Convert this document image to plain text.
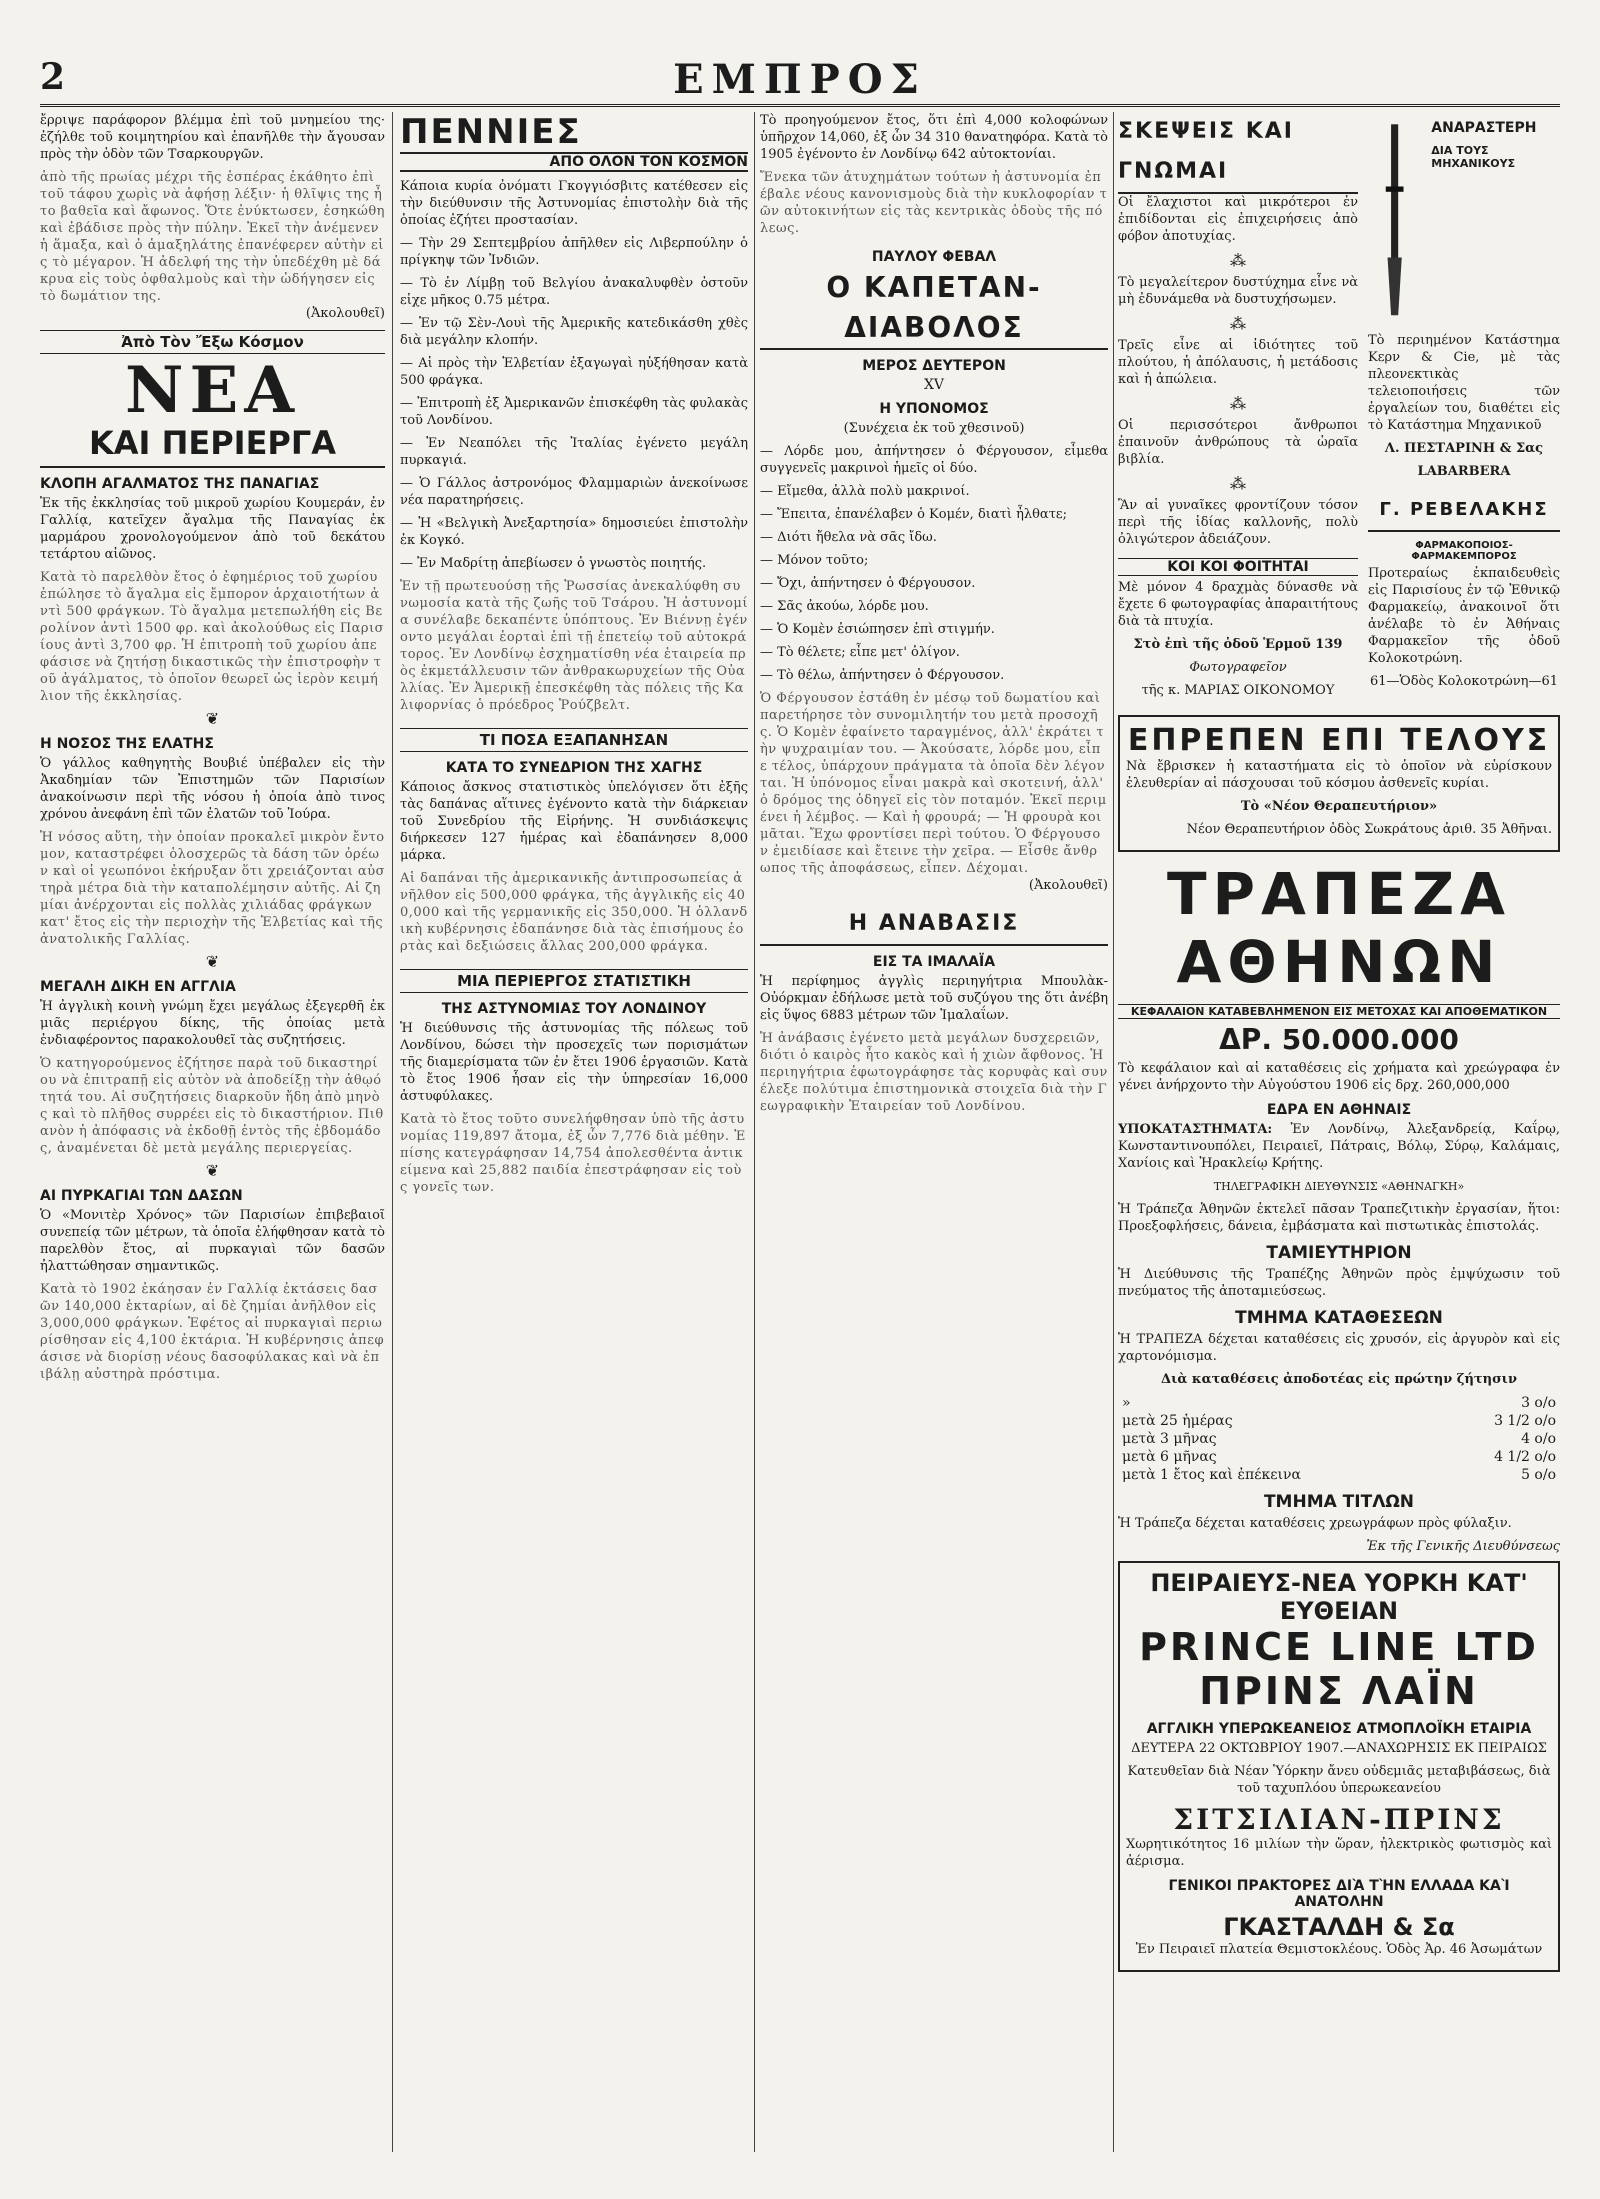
2	ΕΜΠΡΟΣ

ἔρριψε παράφορον βλέμμα ἐπὶ τοῦ μνημείου της· ἐζήλθε τοῦ κοιμητηρίου καὶ ἐπανῆλθε τὴν ἄγουσαν πρὸς τὴν ὁδὸν τῶν Τσαρκουργῶν.

ἀπὸ τῆς πρωίας μέχρι τῆς ἑσπέρας ἐκάθητο ἐπὶ τοῦ τάφου χωρὶς νὰ ἀφήσῃ λέξιν· ἡ θλῖψις της ἦτο βαθεῖα καὶ ἄφωνος. Ὅτε ἐνύκτωσεν, ἐσηκώθη καὶ ἐβάδισε πρὸς τὴν πύλην. Ἐκεῖ τὴν ἀνέμενεν ἡ ἅμαξα, καὶ ὁ ἁμαξηλάτης ἐπανέφερεν αὐτὴν εἰς τὸ μέγαρον. Ἡ ἀδελφή της τὴν ὑπεδέχθη μὲ δάκρυα εἰς τοὺς ὀφθαλμοὺς καὶ τὴν ὡδήγησεν εἰς τὸ δωμάτιον της.

(Ἀκολουθεῖ)

Ἀπὸ Τὸν Ἔξω Κόσμον
ΝΕΑ
ΚΑΙ ΠΕΡΙΕΡΓΑ
ΚΛΟΠΗ ΑΓΑΛΜΑΤΟΣ ΤΗΣ ΠΑΝΑΓΙΑΣ

Ἐκ τῆς ἐκκλησίας τοῦ μικροῦ χωρίου Κουμεράν, ἐν Γαλλίᾳ, κατεῖχεν ἄγαλμα τῆς Παναγίας ἐκ μαρμάρου χρονολογούμενον ἀπὸ τοῦ δεκάτου τετάρτου αἰῶνος.

Κατὰ τὸ παρελθὸν ἔτος ὁ ἐφημέριος τοῦ χωρίου ἐπώλησε τὸ ἄγαλμα εἰς ἔμπορον ἀρχαιοτήτων ἀντὶ 500 φράγκων. Τὸ ἄγαλμα μετεπωλήθη εἰς Βερολίνον ἀντὶ 1500 φρ. καὶ ἀκολούθως εἰς Παρισίους ἀντὶ 3,700 φρ. Ἡ ἐπιτροπὴ τοῦ χωρίου ἀπεφάσισε νὰ ζητήσῃ δικαστικῶς τὴν ἐπιστροφὴν τοῦ ἀγάλματος, τὸ ὁποῖον θεωρεῖ ὡς ἱερὸν κειμήλιον τῆς ἐκκλησίας.
❦
Η ΝΟΣΟΣ ΤΗΣ ΕΛΑΤΗΣ

Ὁ γάλλος καθηγητὴς Βουβιέ ὑπέβαλεν εἰς τὴν Ἀκαδημίαν τῶν Ἐπιστημῶν τῶν Παρισίων ἀνακοίνωσιν περὶ τῆς νόσου ἡ ὁποία ἀπὸ τινος χρόνου ἀνεφάνη ἐπὶ τῶν ἐλατῶν τοῦ Ἰούρα.

Ἡ νόσος αὕτη, τὴν ὁποίαν προκαλεῖ μικρὸν ἔντομον, καταστρέφει ὁλοσχερῶς τὰ δάση τῶν ὀρέων καὶ οἱ γεωπόνοι ἐκήρυξαν ὅτι χρειάζονται αὐστηρὰ μέτρα διὰ τὴν καταπολέμησιν αὐτῆς. Αἱ ζημίαι ἀνέρχονται εἰς πολλὰς χιλιάδας φράγκων κατ' ἔτος εἰς τὴν περιοχὴν τῆς Ἑλβετίας καὶ τῆς ἀνατολικῆς Γαλλίας.
❦
ΜΕΓΑΛΗ ΔΙΚΗ ΕΝ ΑΓΓΛΙΑ

Ἡ ἀγγλικὴ κοινὴ γνώμη ἔχει μεγάλως ἐξεγερθῆ ἐκ μιᾶς περιέργου δίκης, τῆς ὁποίας μετὰ ἐνδιαφέροντος παρακολουθεῖ τὰς συζητήσεις.

Ὁ κατηγορούμενος ἐζήτησε παρὰ τοῦ δικαστηρίου νὰ ἐπιτραπῇ εἰς αὐτὸν νὰ ἀποδείξῃ τὴν ἀθῳότητά του. Αἱ συζητήσεις διαρκοῦν ἤδη ἀπὸ μηνὸς καὶ τὸ πλῆθος συρρέει εἰς τὸ δικαστήριον. Πιθανὸν ἡ ἀπόφασις νὰ ἐκδοθῇ ἐντὸς τῆς ἑβδομάδος, ἀναμένεται δὲ μετὰ μεγάλης περιεργείας.
❦
ΑΙ ΠΥΡΚΑΓΙΑΙ ΤΩΝ ΔΑΣΩΝ

Ὁ «Μονιτὲρ Χρόνος» τῶν Παρισίων ἐπιβεβαιοῖ συνεπείᾳ τῶν μέτρων, τὰ ὁποῖα ἐλήφθησαν κατὰ τὸ παρελθὸν ἔτος, αἱ πυρκαγιαὶ τῶν δασῶν ἠλαττώθησαν σημαντικῶς.

Κατὰ τὸ 1902 ἐκάησαν ἐν Γαλλίᾳ ἐκτάσεις δασῶν 140,000 ἑκταρίων, αἱ δὲ ζημίαι ἀνῆλθον εἰς 3,000,000 φράγκων. Ἐφέτος αἱ πυρκαγιαὶ περιωρίσθησαν εἰς 4,100 ἑκτάρια. Ἡ κυβέρνησις ἀπεφάσισε νὰ διορίσῃ νέους δασοφύλακας καὶ νὰ ἐπιβάλῃ αὐστηρὰ πρόστιμα.
ΠΕΝΝΙΕΣ
ΑΠΟ ΟΛΟΝ ΤΟΝ ΚΟΣΜΟΝ

Κάποια κυρία ὀνόματι Γκογγιόσβιτς κατέθεσεν εἰς τὴν διεύθυνσιν τῆς Ἀστυνομίας ἐπιστολὴν διὰ τῆς ὁποίας ἐζήτει προστασίαν.

— Τὴν 29 Σεπτεμβρίου ἀπῆλθεν εἰς Λιβερπούλην ὁ πρίγκηψ τῶν Ἰνδιῶν.

— Τὸ ἐν Λίμβῃ τοῦ Βελγίου ἀνακαλυφθὲν ὀστοῦν εἰχε μῆκος 0.75 μέτρα.

— Ἐν τῷ Σὲν-Λουὶ τῆς Ἀμερικῆς κατεδικάσθη χθὲς διὰ μεγάλην κλοπήν.

— Αἱ πρὸς τὴν Ἑλβετίαν ἐξαγωγαὶ ηὐξήθησαν κατὰ 500 φράγκα.

— Ἐπιτροπὴ ἐξ Ἀμερικανῶν ἐπισκέφθη τὰς φυλακὰς τοῦ Λονδίνου.

— Ἐν Νεαπόλει τῆς Ἰταλίας ἐγένετο μεγάλη πυρκαγιά.

— Ὁ Γάλλος ἀστρονόμος Φλαμμαριὼν ἀνεκοίνωσε νέα παρατηρήσεις.

— Ἡ «Βελγικὴ Ἀνεξαρτησία» δημοσιεύει ἐπιστολὴν ἐκ Κογκό.

— Ἐν Μαδρίτῃ ἀπεβίωσεν ὁ γνωστὸς ποιητής.

Ἐν τῇ πρωτευούσῃ τῆς Ῥωσσίας ἀνεκαλύφθη συνωμοσία κατὰ τῆς ζωῆς τοῦ Τσάρου. Ἡ ἀστυνομία συνέλαβε δεκαπέντε ὑπόπτους. Ἐν Βιέννῃ ἐγένοντο μεγάλαι ἑορταὶ ἐπὶ τῇ ἐπετείῳ τοῦ αὐτοκράτορος. Ἐν Λονδίνῳ ἐσχηματίσθη νέα ἑταιρεία πρὸς ἐκμετάλλευσιν τῶν ἀνθρακωρυχείων τῆς Οὐαλλίας. Ἐν Ἀμερικῇ ἐπεσκέφθη τὰς πόλεις τῆς Καλιφορνίας ὁ πρόεδρος Ῥούζβελτ.
ΤΙ ΠΟΣΑ ΕΞΑΠΑΝΗΣΑΝ
ΚΑΤΑ ΤΟ ΣΥΝΕΔΡΙΟΝ ΤΗΣ ΧΑΓΗΣ

Κάποιος ἄσκνος στατιστικὸς ὑπελόγισεν ὅτι ἐξῆς τὰς δαπάνας αἵτινες ἐγένοντο κατὰ τὴν διάρκειαν τοῦ Συνεδρίου τῆς Εἰρήνης. Ἡ συνδιάσκεψις διήρκεσεν 127 ἡμέρας καὶ ἐδαπάνησεν 8,000 μάρκα.

Αἱ δαπάναι τῆς ἀμερικανικῆς ἀντιπροσωπείας ἀνῆλθον εἰς 500,000 φράγκα, τῆς ἀγγλικῆς εἰς 400,000 καὶ τῆς γερμανικῆς εἰς 350,000. Ἡ ὁλλανδικὴ κυβέρνησις ἐδαπάνησε διὰ τὰς ἐπισήμους ἑορτὰς καὶ δεξιώσεις ἄλλας 200,000 φράγκα.
ΜΙΑ ΠΕΡΙΕΡΓΟΣ ΣΤΑΤΙΣΤΙΚΗ
ΤΗΣ ΑΣΤΥΝΟΜΙΑΣ ΤΟΥ ΛΟΝΔΙΝΟΥ

Ἡ διεύθυνσις τῆς ἀστυνομίας τῆς πόλεως τοῦ Λονδίνου, δώσει τὴν προσεχεῖς των πορισμάτων τῆς διαμερίσματα τῶν ἐν ἔτει 1906 ἐργασιῶν. Κατὰ τὸ ἔτος 1906 ἧσαν εἰς τὴν ὑπηρεσίαν 16,000 ἀστυφύλακες.

Κατὰ τὸ ἔτος τοῦτο συνελήφθησαν ὑπὸ τῆς ἀστυνομίας 119,897 ἄτομα, ἐξ ὧν 7,776 διὰ μέθην. Ἐπίσης κατεγράφησαν 14,754 ἀπολεσθέντα ἀντικείμενα καὶ 25,882 παιδία ἐπεστράφησαν εἰς τοὺς γονεῖς των.

Τὸ προηγούμενον ἔτος, ὅτι ἐπὶ 4,000 κολοφώνων ὑπῆρχον 14,060, ἐξ ὧν 34 310 θανατηφόρα. Κατὰ τὸ 1905 ἐγένοντο ἐν Λονδίνῳ 642 αὐτοκτονίαι.

Ἔνεκα τῶν ἀτυχημάτων τούτων ἡ ἀστυνομία ἐπέβαλε νέους κανονισμοὺς διὰ τὴν κυκλοφορίαν τῶν αὐτοκινήτων εἰς τὰς κεντρικὰς ὁδοὺς τῆς πόλεως.
ΠΑΥΛΟΥ ΦΕΒΑΛ
Ο ΚΑΠΕΤΑΝ-ΔΙΑΒΟΛΟΣ
ΜΕΡΟΣ ΔΕΥΤΕΡΟΝ
XV
Η ΥΠΟΝΟΜΟΣ

(Συνέχεια ἐκ τοῦ χθεσινοῦ)

— Λόρδε μου, ἀπήντησεν ὁ Φέργουσον, εἶμεθα συγγενεῖς μακρινοὶ ἡμεῖς οἱ δύο.

— Εἴμεθα, ἀλλὰ πολὺ μακρινοί.

— Ἔπειτα, ἐπανέλαβεν ὁ Κομέν, διατὶ ἦλθατε;

— Διότι ἤθελα νὰ σᾶς ἴδω.

— Μόνον τοῦτο;

— Ὄχι, ἀπήντησεν ὁ Φέργουσον.

— Σᾶς ἀκούω, λόρδε μου.

— Ὁ Κομὲν ἐσιώπησεν ἐπὶ στιγμήν.

— Τὸ θέλετε; εἶπε μετ' ὀλίγον.

— Τὸ θέλω, ἀπήντησεν ὁ Φέργουσον.

Ὁ Φέργουσον ἐστάθη ἐν μέσῳ τοῦ δωματίου καὶ παρετήρησε τὸν συνομιλητήν του μετὰ προσοχῆς. Ὁ Κομὲν ἐφαίνετο ταραγμένος, ἀλλ' ἐκράτει τὴν ψυχραιμίαν του. — Ἀκούσατε, λόρδε μου, εἶπε τέλος, ὑπάρχουν πράγματα τὰ ὁποῖα δὲν λέγονται. Ἡ ὑπόνομος εἶναι μακρὰ καὶ σκοτεινή, ἀλλ' ὁ δρόμος της ὁδηγεῖ εἰς τὸν ποταμόν. Ἐκεῖ περιμένει ἡ λέμβος. — Καὶ ἡ φρουρά; — Ἡ φρουρὰ κοιμᾶται. Ἔχω φροντίσει περὶ τούτου. Ὁ Φέργουσον ἐμειδίασε καὶ ἔτεινε τὴν χεῖρα. — Εἶσθε ἄνθρωπος τῆς ἀποφάσεως, εἶπεν. Δέχομαι.

(Ἀκολουθεῖ)

Η ΑΝΑΒΑΣΙΣ
ΕΙΣ ΤΑ ΙΜΑΛΑΪΑ

Ἡ περίφημος ἀγγλὶς περιηγήτρια Μπουλὰκ-Οὐόρκμαν ἐδήλωσε μετὰ τοῦ συζύγου της ὅτι ἀνέβη εἰς ὕψος 6883 μέτρων τῶν Ἱμαλαΐων.

Ἡ ἀνάβασις ἐγένετο μετὰ μεγάλων δυσχερειῶν, διότι ὁ καιρὸς ἦτο κακὸς καὶ ἡ χιὼν ἄφθονος. Ἡ περιηγήτρια ἐφωτογράφησε τὰς κορυφὰς καὶ συνέλεξε πολύτιμα ἐπιστημονικὰ στοιχεῖα διὰ τὴν Γεωγραφικὴν Ἑταιρείαν τοῦ Λονδίνου.
ΣΚΕΨΕΙΣ ΚΑΙ ΓΝΩΜΑΙ

Οἱ ἔλαχιστοι καὶ μικρότεροι ἐν ἐπιδίδονται εἰς ἐπιχειρήσεις ἀπὸ φόβον ἀποτυχίας.

⁂

Τὸ μεγαλείτερον δυστύχημα εἶνε νὰ μὴ ἐδυνάμεθα νὰ δυστυχήσωμεν.

⁂

Τρεῖς εἶνε αἱ ἰδιότητες τοῦ πλούτου, ἡ ἀπόλαυσις, ἡ μετάδοσις καὶ ἡ ἀπώλεια.

⁂

Οἱ περισσότεροι ἄνθρωποι ἐπαινοῦν ἀνθρώπους τὰ ὡραῖα βιβλία.

⁂

Ἂν αἱ γυναῖκες φροντίζουν τόσον περὶ τῆς ἰδίας καλλονῆς, πολὺ ὀλιγώτερον ἀδειάζουν.

ΚΟΙ ΚΟΙ ΦΟΙΤΗΤΑΙ

Μὲ μόνον 4 δραχμὰς δύνασθε νὰ ἔχετε 6 φωτογραφίας ἀπαραιτήτους διὰ τὰ πτυχία.

Στὸ ἐπὶ τῆς ὁδοῦ Ἑρμοῦ 139

Φωτογραφεῖον

τῆς κ. ΜΑΡΙΑΣ ΟΙΚΟΝΟΜΟΥ

ΑΝΑΡΑΣΤΕΡΗ
ΔΙΑ ΤΟΥΣ ΜΗΧΑΝΙΚΟΥΣ

Τὸ περιημένον Κατάστημα Κερν & Cie, μὲ τὰς πλεονεκτικὰς τελειοποιήσεις τῶν ἐργαλείων του, διαθέτει εἰς τὸ Κατάστημα Μηχανικοῦ

Λ. ΠΕΣΤΑΡΙΝΗ & Σας

LABARBERA

Γ. ΡΕΒΕΛΑΚΗΣ
ΦΑΡΜΑΚΟΠΟΙΟΣ-ΦΑΡΜΑΚΕΜΠΟΡΟΣ

Προτεραίως ἐκπαιδευθεὶς εἰς Παρισίους ἐν τῷ Ἐθνικῷ Φαρμακείῳ, ἀνακοινοῖ ὅτι ἀνέλαβε τὸ ἐν Ἀθήναις Φαρμακεῖον τῆς ὁδοῦ Κολοκοτρώνη.

61—Ὁδὸς Κολοκοτρώνη—61

ΕΠΡΕΠΕΝ ΕΠΙ ΤΕΛΟΥΣ

Νὰ ἔβρισκεν ἡ καταστήματα εἰς τὸ ὁποῖον νὰ εὑρίσκουν ἐλευθερίαν αἱ πάσχουσαι τοῦ κόσμου ἀσθενεῖς κυρίαι.

Τὸ «Νέον Θεραπευτήριον»

Νέον Θεραπευτήριον ὁδὸς Σωκράτους ἀριθ. 35 Ἀθῆναι.

ΤΡΑΠΕΖΑ ΑΘΗΝΩΝ
ΚΕΦΑΛΑΙΟΝ ΚΑΤΑΒΕΒΛΗΜΕΝΟΝ ΕΙΣ ΜΕΤΟΧΑΣ ΚΑΙ ΑΠΟΘΕΜΑΤΙΚΟΝ
ΔΡ. 50.000.000

Τὸ κεφάλαιον καὶ αἱ καταθέσεις εἰς χρήματα καὶ χρεώγραφα ἐν γένει ἀνήρχοντο τὴν Αὐγούστου 1906 εἰς δρχ. 260,000,000

ΕΔΡΑ ΕΝ ΑΘΗΝΑΙΣ

ΥΠΟΚΑΤΑΣΤΗΜΑΤΑ: Ἐν Λονδίνῳ, Ἀλεξανδρείᾳ, Καΐρῳ, Κωνσταντινουπόλει, Πειραιεῖ, Πάτραις, Βόλῳ, Σύρῳ, Καλάμαις, Χανίοις καὶ Ἡρακλείῳ Κρήτης.

ΤΗΛΕΓΡΑΦΙΚΗ ΔΙΕΥΘΥΝΣΙΣ «ΑΘΗΝΑΓΚΗ»

Ἡ Τράπεζα Ἀθηνῶν ἐκτελεῖ πᾶσαν Τραπεζιτικὴν ἐργασίαν, ἥτοι: Προεξοφλήσεις, δάνεια, ἐμβάσματα καὶ πιστωτικὰς ἐπιστολάς.

ΤΑΜΙΕΥΤΗΡΙΟΝ

Ἡ Διεύθυνσις τῆς Τραπέζης Ἀθηνῶν πρὸς ἐμψύχωσιν τοῦ πνεύματος τῆς ἀποταμιεύσεως.

ΤΜΗΜΑ ΚΑΤΑΘΕΣΕΩΝ

Ἡ ΤΡΑΠΕΖΑ δέχεται καταθέσεις εἰς χρυσόν, εἰς ἀργυρὸν καὶ εἰς χαρτονόμισμα.

Διὰ καταθέσεις ἀποδοτέας εἰς πρώτην ζήτησιν

»	3 ο/ο
μετὰ 25 ἡμέρας	3 1/2 ο/ο
μετὰ 3 μῆνας	4 ο/ο
μετὰ 6 μῆνας	4 1/2 ο/ο
μετὰ 1 ἔτος καὶ ἐπέκεινα	5 ο/ο
ΤΜΗΜΑ ΤΙΤΛΩΝ

Ἡ Τράπεζα δέχεται καταθέσεις χρεωγράφων πρὸς φύλαξιν.

Ἐκ τῆς Γενικῆς Διευθύνσεως

ΠΕΙΡΑΙΕΥΣ-ΝΕΑ ΥΟΡΚΗ ΚΑΤ' ΕΥΘΕΙΑΝ
PRINCE LINE LTD ΠΡΙΝΣ ΛΑΪΝ
ΑΓΓΛΙΚΗ ΥΠΕΡΩΚΕΑΝΕΙΟΣ ΑΤΜΟΠΛΟΪΚΗ ΕΤΑΙΡΙΑ

ΔΕΥΤΕΡΑ 22 ΟΚΤΩΒΡΙΟΥ 1907.—ΑΝΑΧΩΡΗΣΙΣ ΕΚ ΠΕΙΡΑΙΩΣ

Κατευθεῖαν διὰ Νέαν Ὑόρκην ἄνευ οὐδεμιᾶς μεταβιβάσεως, διὰ τοῦ ταχυπλόου ὑπερωκεανείου

ΣΙΤΣΙΛΙΑΝ-ΠΡΙΝΣ

Χωρητικότητος 16 μιλίων τὴν ὥραν, ἠλεκτρικὸς φωτισμὸς καὶ ἀέρισμα.

ΓΕΝΙΚΟΙ ΠΡΑΚΤΟΡΕΣ ΔΙᾺ ΤῊΝ ΕΛΛΑΔΑ ΚΑῚ ΑΝΑΤΟΛΗΝ
ΓΚΑΣΤΑΛΔΗ & Σα

Ἐν Πειραιεῖ πλατεία Θεμιστοκλέους. Ὁδὸς Ἀρ. 46 Ἀσωμάτων
